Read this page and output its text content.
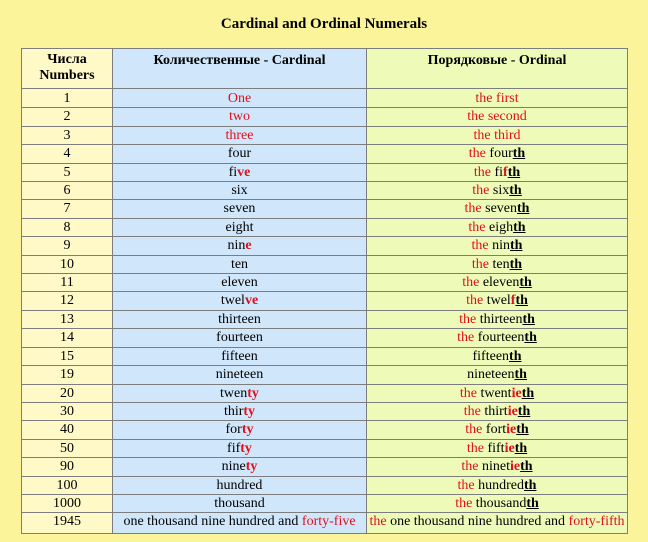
Cardinal and Ordinal Numerals
Числа Numbers	Количественные - Cardinal	Порядковые - Ordinal
1	One	the first
2	two	the second
3	three	the third
4	four	the fourth
5	five	the fifth
6	six	the sixth
7	seven	the seventh
8	eight	the eighth
9	nine	the ninth
10	ten	the tenth
11	eleven	the eleventh
12	twelve	the twelfth
13	thirteen	the thirteenth
14	fourteen	the fourteenth
15	fifteen	fifteenth
19	nineteen	nineteenth
20	twenty	the twentieth
30	thirty	the thirtieth
40	forty	the fortieth
50	fifty	the fiftieth
90	ninety	the ninetieth
100	hundred	the hundredth
1000	thousand	the thousandth
1945	one thousand nine hundred and forty-five	the one thousand nine hundred and forty-fifth
